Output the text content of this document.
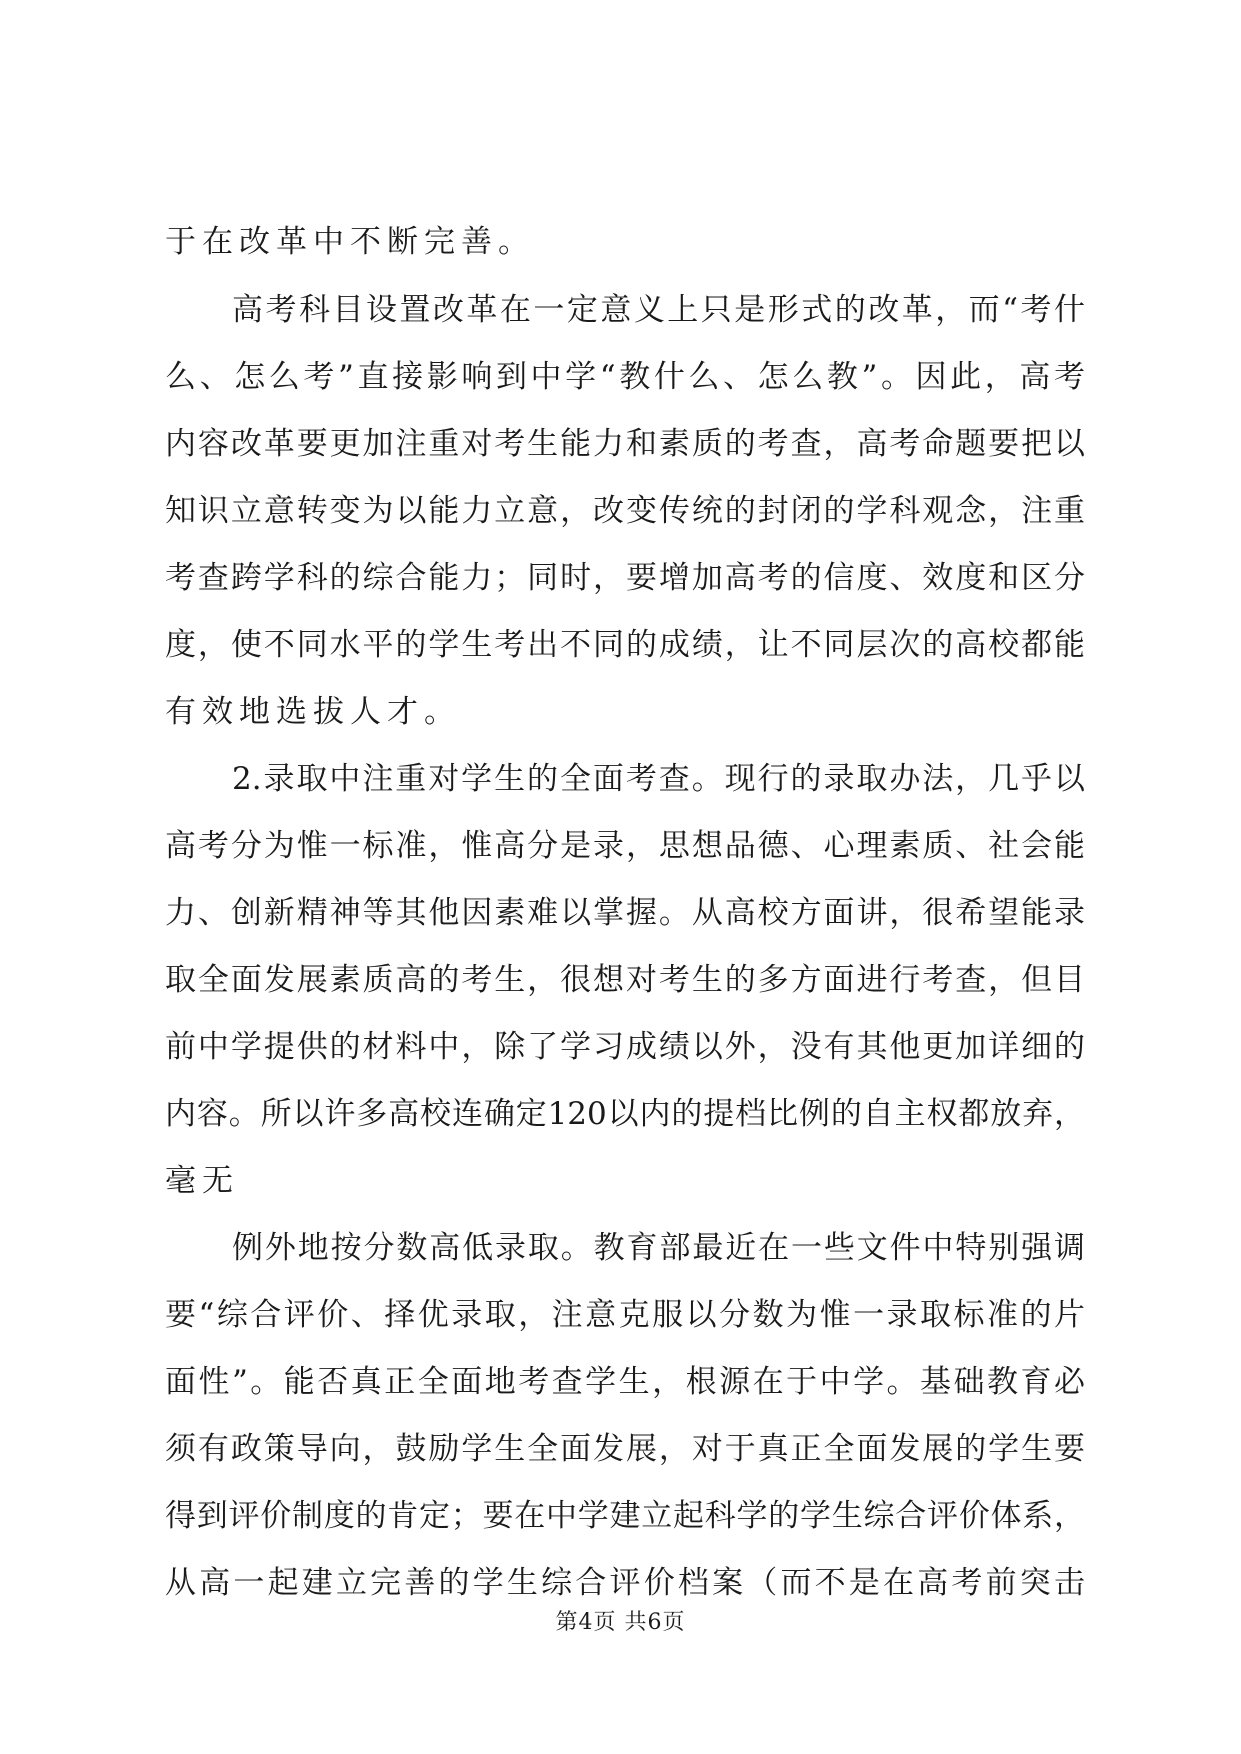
于在改革中不断完善。
高考科目设置改革在一定意义上只是形式的改革，而“考什
么、怎么考”直接影响到中学“教什么、怎么教”。因此，高考
内容改革要更加注重对考生能力和素质的考查，高考命题要把以
知识立意转变为以能力立意，改变传统的封闭的学科观念，注重
考查跨学科的综合能力；同时，要增加高考的信度、效度和区分
度，使不同水平的学生考出不同的成绩，让不同层次的高校都能
有效地选拔人才。
2.录取中注重对学生的全面考查。现行的录取办法，几乎以
高考分为惟一标准，惟高分是录，思想品德、心理素质、社会能
力、创新精神等其他因素难以掌握。从高校方面讲，很希望能录
取全面发展素质高的考生，很想对考生的多方面进行考查，但目
前中学提供的材料中，除了学习成绩以外，没有其他更加详细的
内容。所以许多高校连确定120以内的提档比例的自主权都放弃，
毫无
例外地按分数高低录取。教育部最近在一些文件中特别强调
要“综合评价、择优录取，注意克服以分数为惟一录取标准的片
面性”。能否真正全面地考查学生，根源在于中学。基础教育必
须有政策导向，鼓励学生全面发展，对于真正全面发展的学生要
得到评价制度的肯定；要在中学建立起科学的学生综合评价体系，
从高一起建立完善的学生综合评价档案（而不是在高考前突击
第4页 共6页
